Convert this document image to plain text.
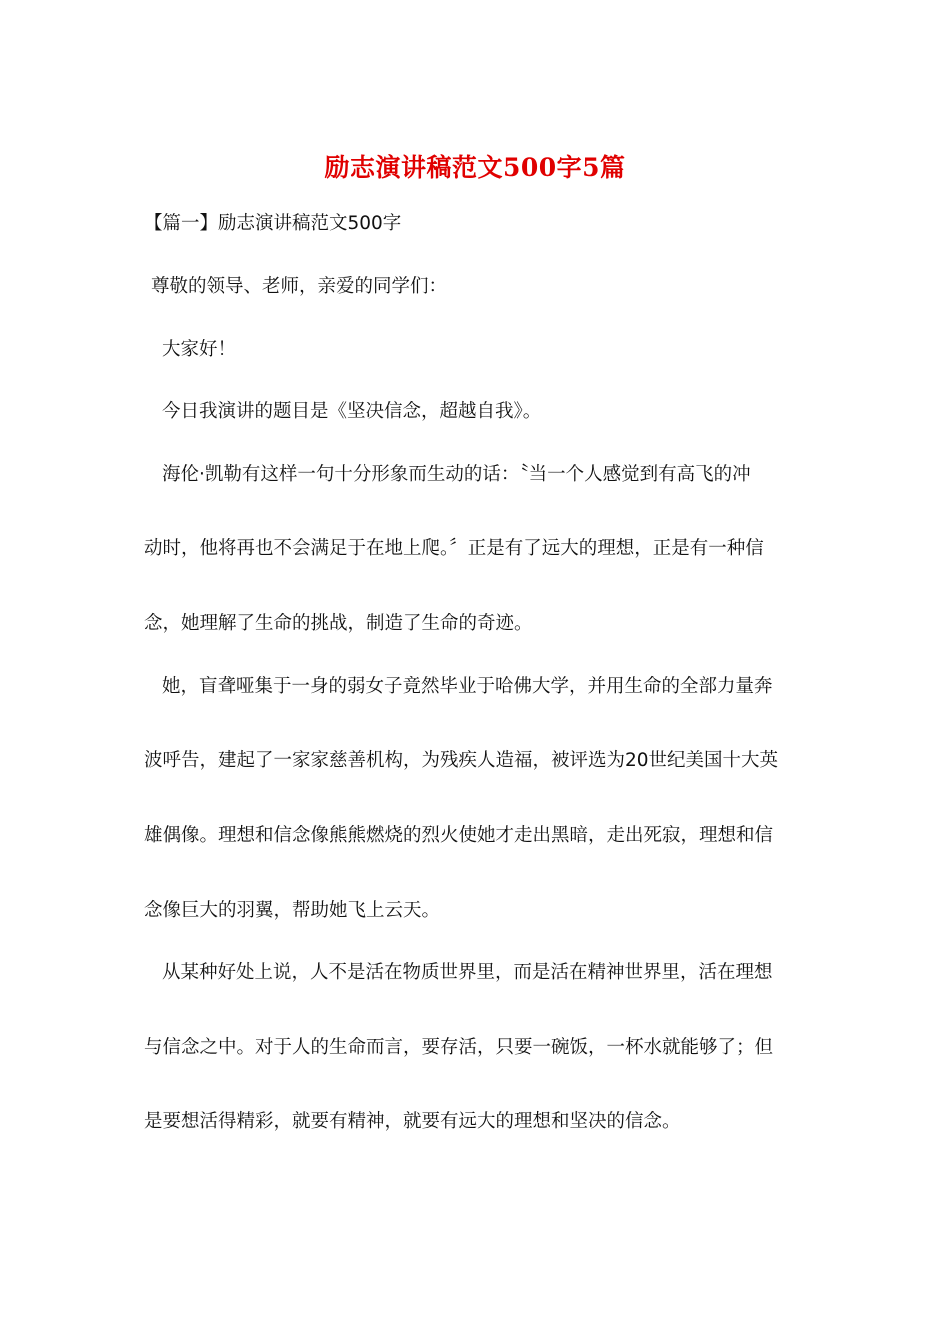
励志演讲稿范文500字5篇
【篇一】励志演讲稿范文500字
尊敬的领导、老师，亲爱的同学们：
大家好！
今日我演讲的题目是《坚决信念，超越自我》。
海伦·凯勒有这样一句十分形象而生动的话：〝当一个人感觉到有高飞的冲
动时，他将再也不会满足于在地上爬。〞正是有了远大的理想，正是有一种信
念，她理解了生命的挑战，制造了生命的奇迹。
她，盲聋哑集于一身的弱女子竟然毕业于哈佛大学，并用生命的全部力量奔
波呼告，建起了一家家慈善机构，为残疾人造福，被评选为20世纪美国十大英
雄偶像。理想和信念像熊熊燃烧的烈火使她才走出黑暗，走出死寂，理想和信
念像巨大的羽翼，帮助她飞上云天。
从某种好处上说，人不是活在物质世界里，而是活在精神世界里，活在理想
与信念之中。对于人的生命而言，要存活，只要一碗饭，一杯水就能够了；但
是要想活得精彩，就要有精神，就要有远大的理想和坚决的信念。
